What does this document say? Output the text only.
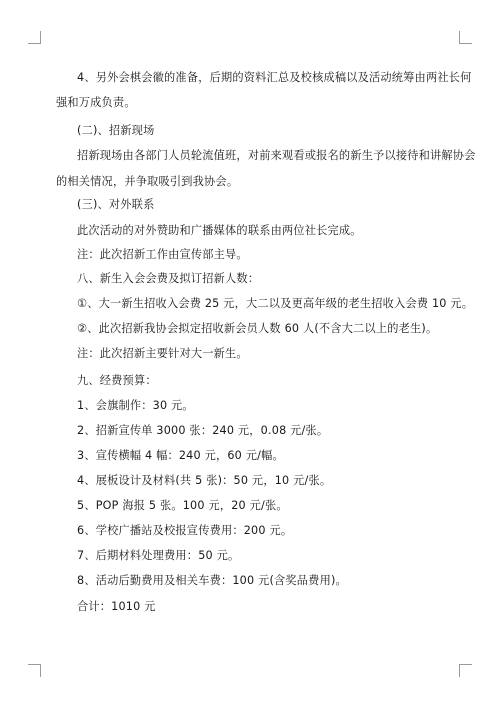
4、另外会棋会徽的准备，后期的资料汇总及校核成稿以及活动统筹由两社长何
强和万成负责。
(二)、招新现场
招新现场由各部门人员轮流值班，对前来观看或报名的新生予以接待和讲解协会
的相关情况，并争取吸引到我协会。
(三)、对外联系
此次活动的对外赞助和广播媒体的联系由两位社长完成。
注：此次招新工作由宣传部主导。
八、新生入会会费及拟订招新人数：
①、大一新生招收入会费 25 元，大二以及更高年级的老生招收入会费 10 元。
②、此次招新我协会拟定招收新会员人数 60 人(不含大二以上的老生)。
注：此次招新主要针对大一新生。
九、经费预算：
1、会旗制作：30 元。
2、招新宣传单 3000 张：240 元，0.08 元/张。
3、宣传横幅 4 幅：240 元，60 元/幅。
4、展板设计及材料(共 5 张)：50 元，10 元/张。
5、POP 海报 5 张。100 元，20 元/张。
6、学校广播站及校报宣传费用：200 元。
7、后期材料处理费用：50 元。
8、活动后勤费用及相关车费：100 元(含奖品费用)。
合计：1010 元
